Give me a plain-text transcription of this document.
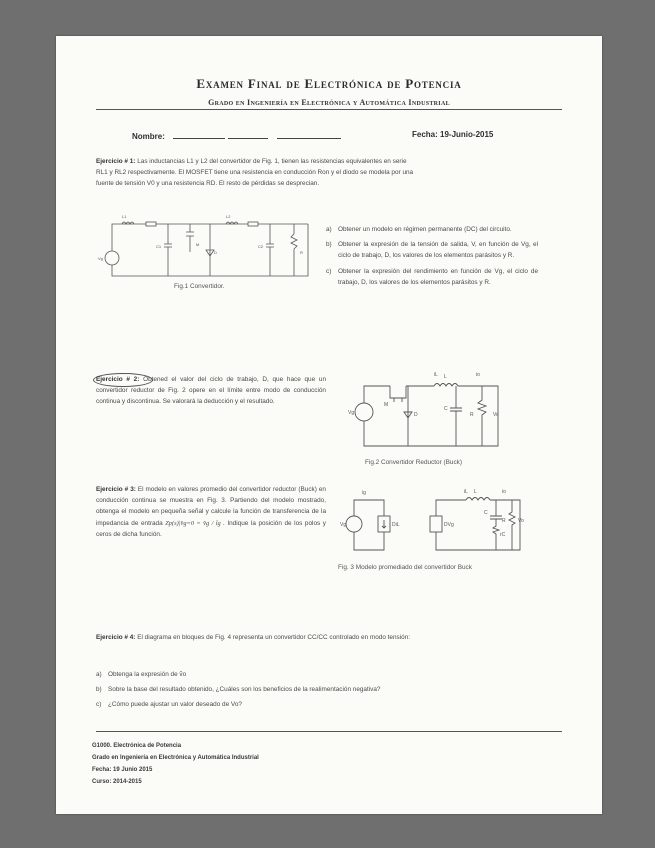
Examen Final de Electrónica de Potencia
Grado en Ingeniería en Electrónica y Automática Industrial
Nombre:	Fecha: 19-Junio-2015
Ejercicio # 1: Las inductancias L1 y L2 del convertidor de Fig. 1, tienen las resistencias equivalentes en serie
RL1 y RL2 respectivamente. El MOSFET tiene una resistencia en conducción Ron y el diodo se modela por una
fuente de tensión V0 y una resistencia RD. El resto de pérdidas se desprecian.
L1	L2
Vg
R
M
D
C1	C2
Fig.1 Convertidor.
a) Obtener un modelo en régimen permanente (DC) del circuito.
b) Obtener la expresión de la tensión de salida, V, en función de Vg, el ciclo de trabajo, D, los valores de los elementos parásitos y R.
c) Obtener la expresión del rendimiento en función de Vg, el ciclo de trabajo, D, los valores de los elementos parásitos y R.
Ejercicio # 2: Obtened el valor del ciclo de trabajo, D, que hace que un convertidor reductor de Fig. 2 opere en el límite entre modo de conducción continua y discontinua. Se valorará la deducción y el resultado.
iL L	io
Vg
M
D
C
R	Vo
Fig.2 Convertidor Reductor (Buck)
Ejercicio # 3: El modelo en valores promedio del convertidor reductor (Buck) en conducción continua se muestra en Fig. 3. Partiendo del modelo mostrado, obtenga el modelo en pequeña señal y calcule la función de transferencia de la impedancia de entrada Zp(s)|v̂g=0 = v̂g / îg . Indique la posición de los polos y ceros de dicha función.
ig	iL L	io
Vg	DiL	DVg
C
R
rC
Vo
Fig. 3 Modelo promediado del convertidor Buck
Ejercicio # 4: El diagrama en bloques de Fig. 4 representa un convertidor CC/CC controlado en modo tensión:
a) Obtenga la expresión de v̂o
b) Sobre la base del resultado obtenido, ¿Cuáles son los beneficios de la realimentación negativa?
c) ¿Cómo puede ajustar un valor deseado de Vo?
G1000. Electrónica de Potencia
Grado en Ingeniería en Electrónica y Automática Industrial
Fecha: 19 Junio 2015
Curso: 2014-2015
